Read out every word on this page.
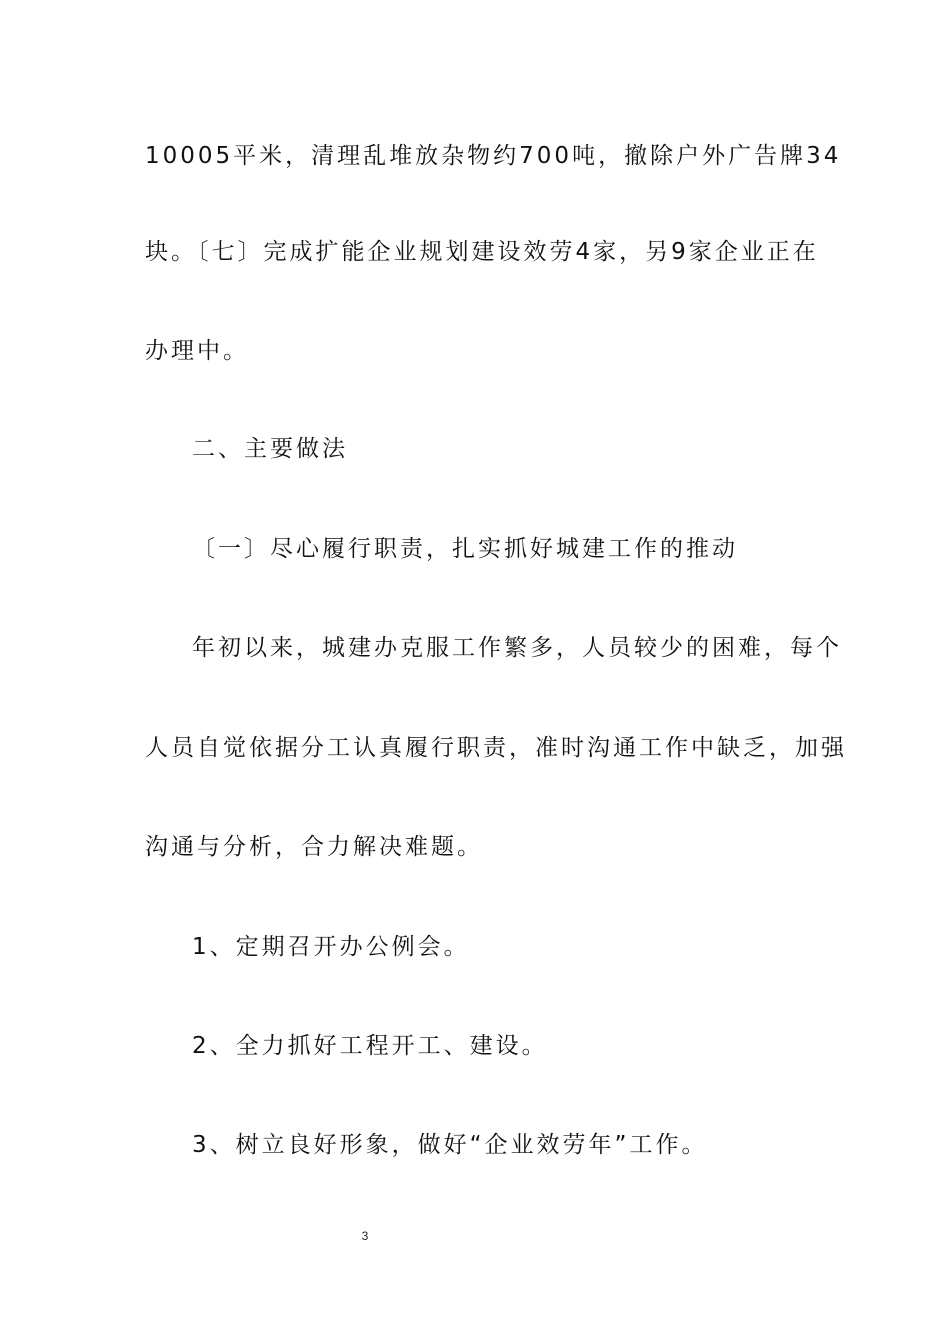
10005平米，清理乱堆放杂物约700吨，撤除户外广告牌34
块。〔七〕完成扩能企业规划建设效劳4家，另9家企业正在
办理中。
二、主要做法
〔一〕尽心履行职责，扎实抓好城建工作的推动
年初以来，城建办克服工作繁多，人员较少的困难，每个
人员自觉依据分工认真履行职责，准时沟通工作中缺乏，加强
沟通与分析，合力解决难题。
1、定期召开办公例会。
2、全力抓好工程开工、建设。
3、树立良好形象，做好“企业效劳年”工作。
3
